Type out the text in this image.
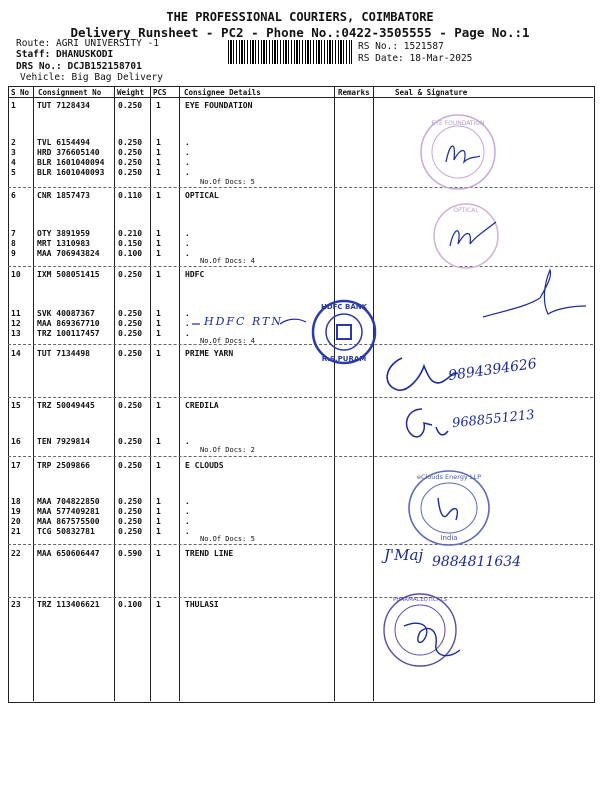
THE PROFESSIONAL COURIERS, COIMBATORE
Delivery Runsheet - PC2 - Phone No.:0422-3505555 - Page No.:1
Route: AGRI UNIVERSITY -1
Staff: DHANUSKODI
DRS No.: DCJB152158701
Vehicle: Big Bag Delivery
RS No.: 1521587
RS Date: 18-Mar-2025
S No Consignment No Weight PCS Consignee Details	Remarks	Seal & Signature
1	TUT 7128434	0.250 1	EYE FOUNDATION
2	TVL 6154494	0.250 1	.
3	HRD 376605140 0.250 1	.
4	BLR 1601040094 0.250 1	.
5	BLR 1601040093 0.250 1	.
6	CNR 1857473	0.110 1	OPTICAL
7	OTY 3891959	0.210 1	.
8	MRT 1310983	0.150 1	.
9	MAA 706943824 0.100 1	.
10 IXM 508051415 0.250 1	HDFC
11 SVK 40087367	0.250 1	.
12 MAA 869367710 0.250 1	.
13 TRZ 100117457 0.250 1	.
14 TUT 7134498	0.250 1	PRIME YARN
15 TRZ 50049445	0.250 1	CREDILA
16 TEN 7929814	0.250 1	.
17 TRP 2509866	0.250 1	E CLOUDS
18 MAA 704822850 0.250 1	.
19 MAA 577409281 0.250 1	.
20 MAA 867575500 0.250 1	.
21 TCG 50832781	0.250 1	.
22 MAA 650606447 0.590 1	TREND LINE
23 TRZ 113406621 0.100 1	THULASI
No.Of Docs: 5
No.Of Docs: 4
No.Of Docs: 4
No.Of Docs: 2
No.Of Docs: 5
EYE FOUNDATION
OPTICAL
HDFC BANK
R.S.PURAM
eClouds Energy LLP
India
PHARMACEUTICALS
HDFC RTN
9894394626
9688551213
J'Maj 9884811634
